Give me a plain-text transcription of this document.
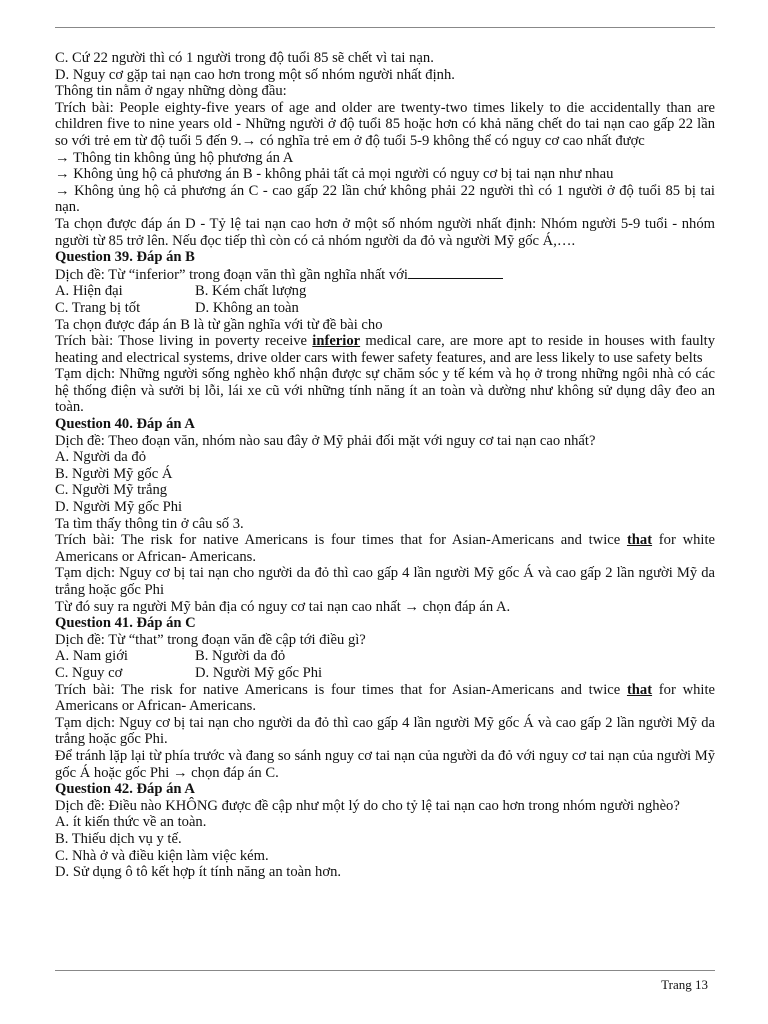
C. Cứ 22 người thì có 1 người trong độ tuổi 85 sẽ chết vì tai nạn.

D. Nguy cơ gặp tai nạn cao hơn trong một số nhóm người nhất định.

Thông tin nằm ở ngay những dòng đầu:

Trích bài: People eighty-five years of age and older are twenty-two times likely to die accidentally than are children five to nine years old - Những người ở độ tuổi 85 hoặc hơn có khả năng chết do tai nạn cao gấp 22 lần so với trẻ em từ độ tuổi 5 đến 9.→ có nghĩa trẻ em ở độ tuổi 5-9 không thể có nguy cơ cao nhất được

→ Thông tin không ủng hộ phương án A

→ Không ủng hộ cả phương án B - không phải tất cả mọi người có nguy cơ bị tai nạn như nhau

→ Không ủng hộ cả phương án C - cao gấp 22 lần chứ không phải 22 người thì có 1 người ở độ tuổi 85 bị tai nạn.

Ta chọn được đáp án D - Tỷ lệ tai nạn cao hơn ở một số nhóm người nhất định: Nhóm người 5-9 tuổi - nhóm người từ 85 trở lên. Nếu đọc tiếp thì còn có cả nhóm người da đỏ và người Mỹ gốc Á,….

Question 39. Đáp án B

Dịch đề: Từ “inferior” trong đoạn văn thì gần nghĩa nhất với

A. Hiện đại	B. Kém chất lượng
C. Trang bị tốt	D. Không an toàn

Ta chọn được đáp án B là từ gần nghĩa với từ đề bài cho

Trích bài: Those living in poverty receive inferior medical care, are more apt to reside in houses with faulty heating and electrical systems, drive older cars with fewer safety features, and are less likely to use safety belts

Tạm dịch: Những người sống nghèo khổ nhận được sự chăm sóc y tế kém và họ ở trong những ngôi nhà có các hệ thống điện và sưởi bị lỗi, lái xe cũ với những tính năng ít an toàn và dường như không sử dụng dây đeo an toàn.

Question 40. Đáp án A

Dịch đề: Theo đoạn văn, nhóm nào sau đây ở Mỹ phải đối mặt với nguy cơ tai nạn cao nhất?

A. Người da đỏ

B. Người Mỹ gốc Á

C. Người Mỹ trắng

D. Người Mỹ gốc Phi

Ta tìm thấy thông tin ở câu số 3.

Trích bài: The risk for native Americans is four times that for Asian-Americans and twice that for white Americans or African- Americans.

Tạm dịch: Nguy cơ bị tai nạn cho người da đỏ thì cao gấp 4 lần người Mỹ gốc Á và cao gấp 2 lần người Mỹ da trắng hoặc gốc Phi

Từ đó suy ra người Mỹ bản địa có nguy cơ tai nạn cao nhất → chọn đáp án A.

Question 41. Đáp án C

Dịch đề: Từ “that” trong đoạn văn đề cập tới điều gì?

A. Nam giới	B. Người da đỏ
C. Nguy cơ	D. Người Mỹ gốc Phi

Trích bài: The risk for native Americans is four times that for Asian-Americans and twice that for white Americans or African- Americans.

Tạm dịch: Nguy cơ bị tai nạn cho người da đỏ thì cao gấp 4 lần người Mỹ gốc Á và cao gấp 2 lần người Mỹ da trắng hoặc gốc Phi.

Để tránh lặp lại từ phía trước và đang so sánh nguy cơ tai nạn của người da đỏ với nguy cơ tai nạn của người Mỹ gốc Á hoặc gốc Phi → chọn đáp án C.

Question 42. Đáp án A

Dịch đề: Điều nào KHÔNG được đề cập như một lý do cho tỷ lệ tai nạn cao hơn trong nhóm người nghèo?

A. ít kiến thức về an toàn.

B. Thiếu dịch vụ y tế.

C. Nhà ở và điều kiện làm việc kém.

D. Sử dụng ô tô kết hợp ít tính năng an toàn hơn.

Trang 13
